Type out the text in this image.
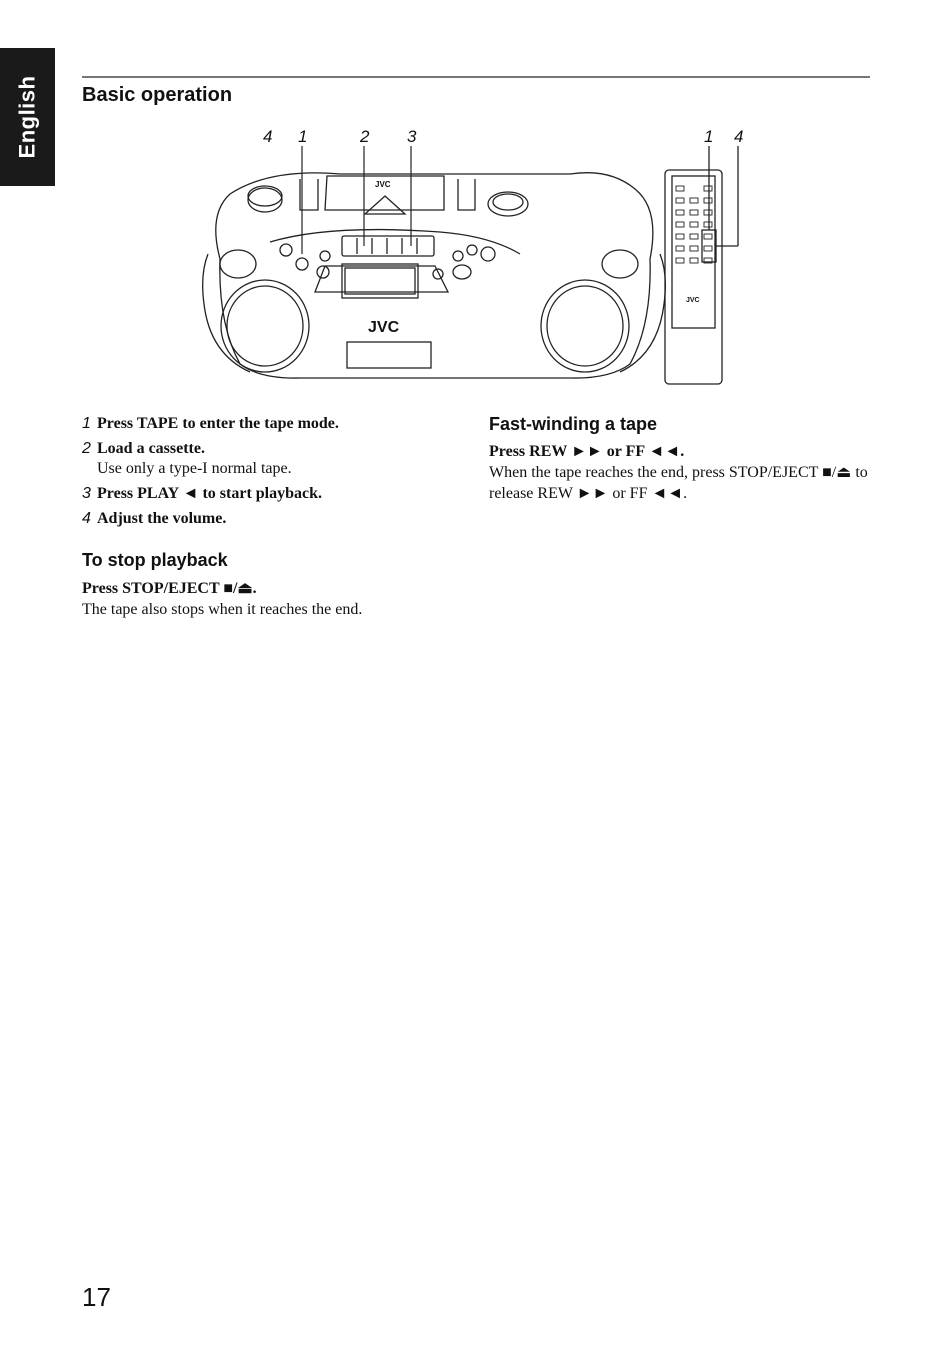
English Basic operation
4 1	2 3	1 4
JVC
JVC
JVC
1 Press TAPE to enter the tape mode.
2 Load a cassette.
Use only a type-I normal tape.
3 Press PLAY ◄ to start playback.
4 Adjust the volume.
To stop playback

Press STOP/EJECT ■/⏏.
The tape also stops when it reaches the end.

Fast-winding a tape

Press REW ►► or FF ◄◄.
When the tape reaches the end, press STOP/EJECT ■/⏏ to release REW ►► or FF ◄◄.

17
